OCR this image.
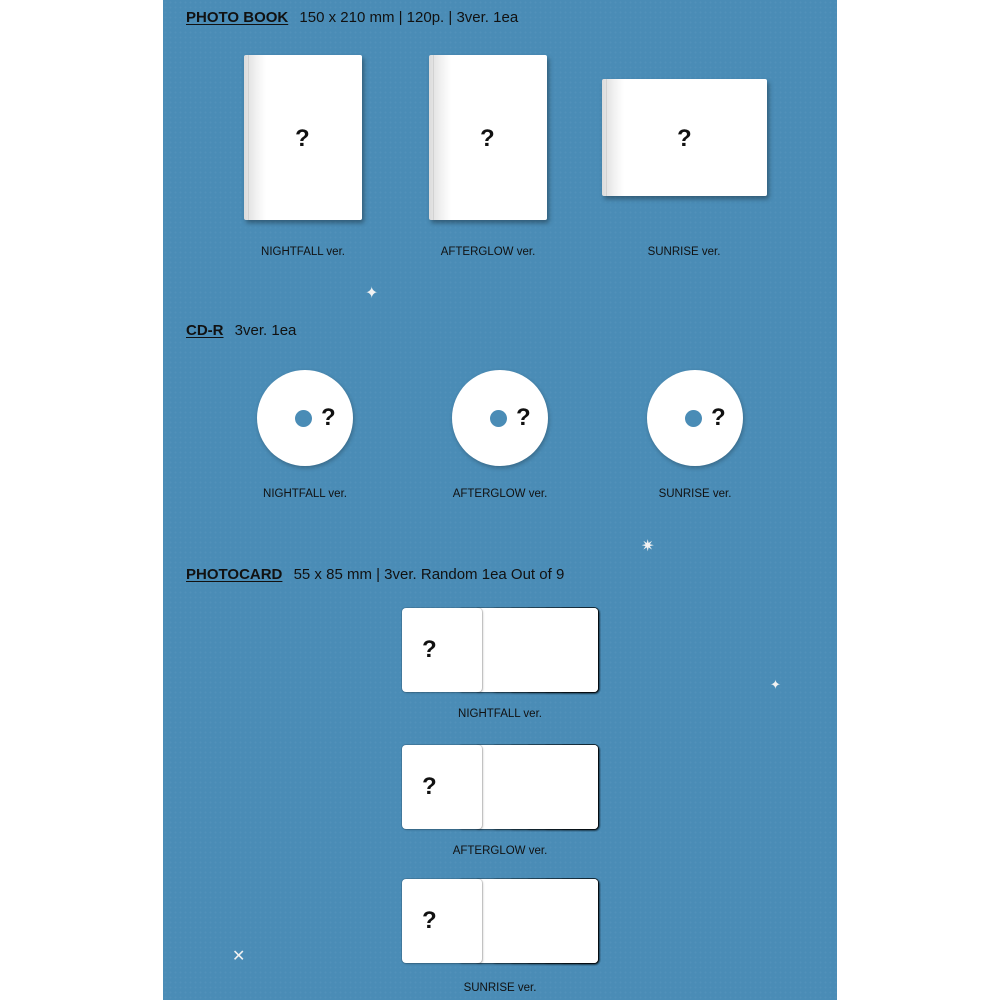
PHOTO BOOK 150 x 210 mm | 120p. | 3ver. 1ea
?	?	?
NIGHTFALL ver.	AFTERGLOW ver.	SUNRISE ver.
✦
CD-R 3ver. 1ea
?	?	?
NIGHTFALL ver.	AFTERGLOW ver.	SUNRISE ver.
✷
PHOTOCARD 55 x 85 mm | 3ver. Random 1ea Out of 9
?
?
?
NIGHTFALL ver.
AFTERGLOW ver.
SUNRISE ver.
✦
✕
